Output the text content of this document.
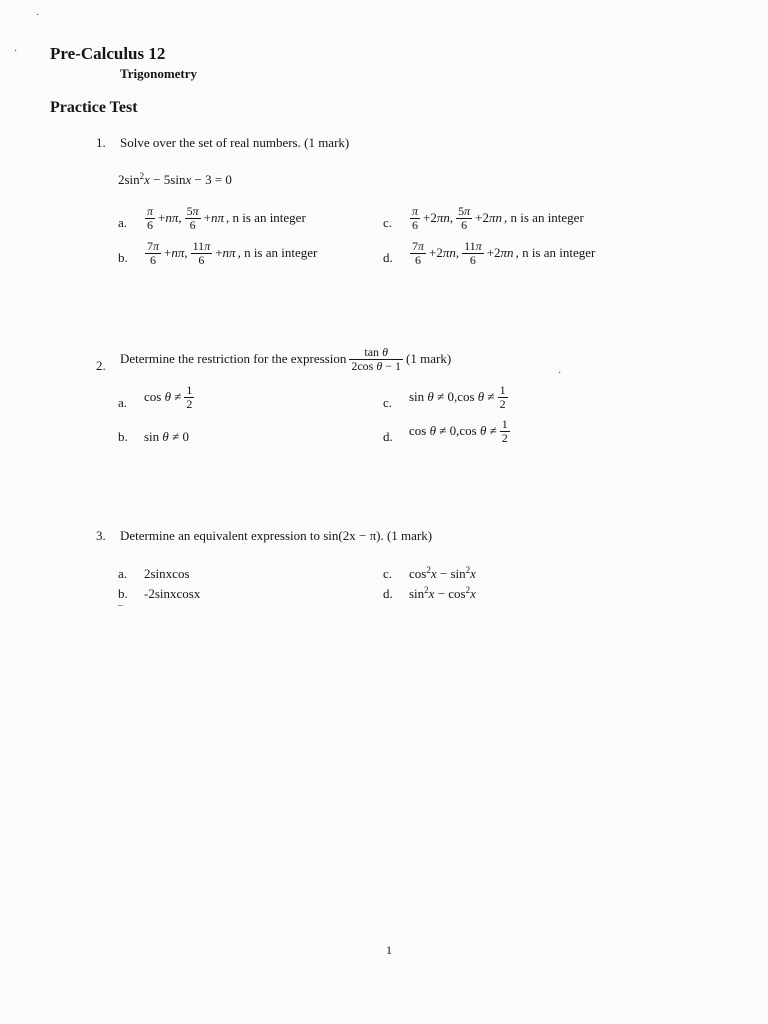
Pre-Calculus 12
Trigonometry
Practice Test
1. Solve over the set of real numbers. (1 mark)
$2\sin^2x - 5\sin x - 3 = 0$
a. $\frac{\pi}{6} +n\pi$, $\frac{5\pi}{6} +n\pi$ , n is an integer
b. $\frac{7\pi}{6} +n\pi$, $\frac{11\pi}{6} +n\pi$ , n is an integer
c. $\frac{\pi}{6} +2\pi n$, $\frac{5\pi}{6} +2\pi n$ , n is an integer
d. $\frac{7\pi}{6} +2\pi n$, $\frac{11\pi}{6} +2\pi n$ , n is an integer
2. Determine the restriction for the expression $\frac{\text{tan θ}}{\text{2cos θ − 1}} (1$ mark)
a. $\cos \theta \ne \frac{1}{2}$
b. sin θ ≠ 0
c. sin θ ≠ 0,cos $\theta \ne \frac{1}{2}$
d. cos θ ≠ 0,cos $\theta \ne \frac{1}{2}$
3. Determine an equivalent expression to sin(2x − π). (1 mark)
a. 2sinxcos
b. -2sinxcosx
c. $\cos^2x - \sin^2x$
d. $\sin^2x - \cos^2x$
1
·
·
·
–
